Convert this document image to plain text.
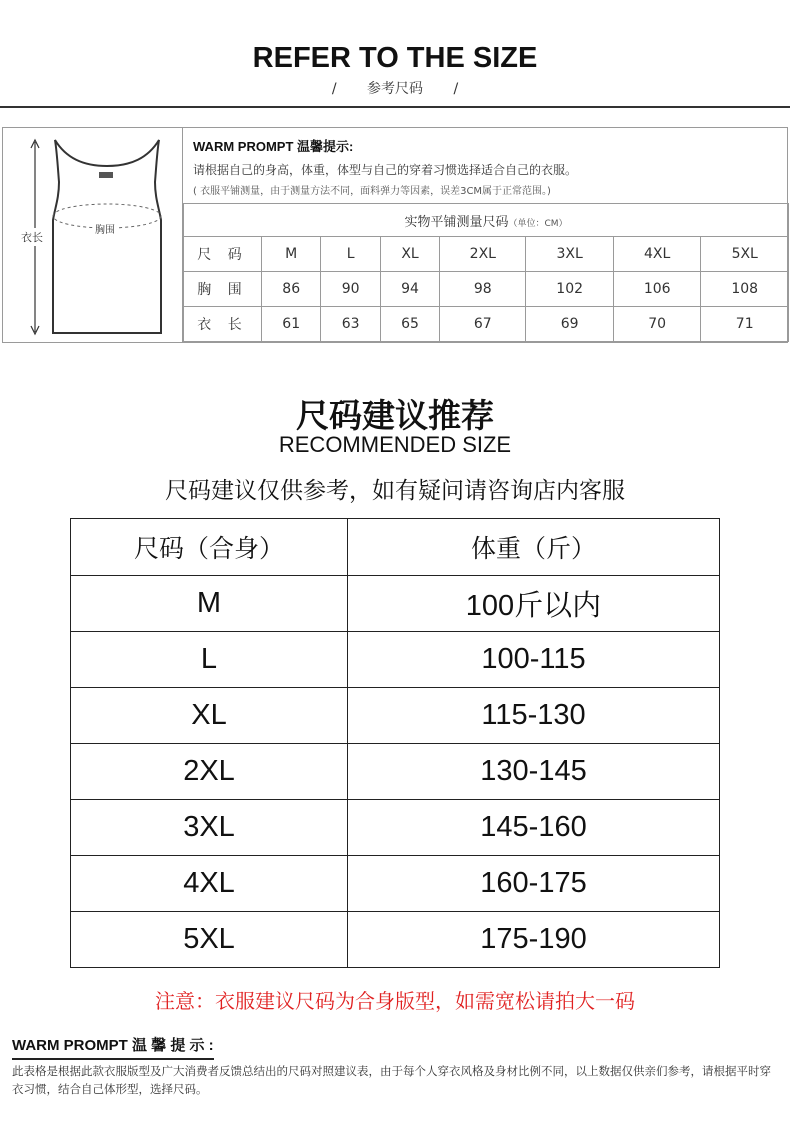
REFER TO THE SIZE
/ 参考尺码 /
衣长
胸围
WARM PROMPT 温馨提示:
请根据自己的身高，体重，体型与自己的穿着习惯选择适合自己的衣服。
( 衣服平铺测量，由于测量方法不同，面料弹力等因素，误差3CM属于正常范围。)
实物平铺测量尺码（单位：CM）							
尺 码	M	L	XL	2XL	3XL	4XL	5XL
胸 围	86	90	94	98	102	106	108
衣 长	61	63	65	67	69	70	71
尺码建议推荐
RECOMMENDED SIZE
尺码建议仅供参考，如有疑问请咨询店内客服
尺码（合身）	体重（斤）
M	100斤以内
L	100-115
XL	115-130
2XL	130-145
3XL	145-160
4XL	160-175
5XL	175-190
注意：衣服建议尺码为合身版型，如需宽松请拍大一码
WARM PROMPT 温 馨 提 示 :
此表格是根据此款衣服版型及广大消费者反馈总结出的尺码对照建议表，由于每个人穿衣风格及身材比例不同，以上数据仅供亲们参考，请根据平时穿衣习惯，结合自己体形型，选择尺码。
